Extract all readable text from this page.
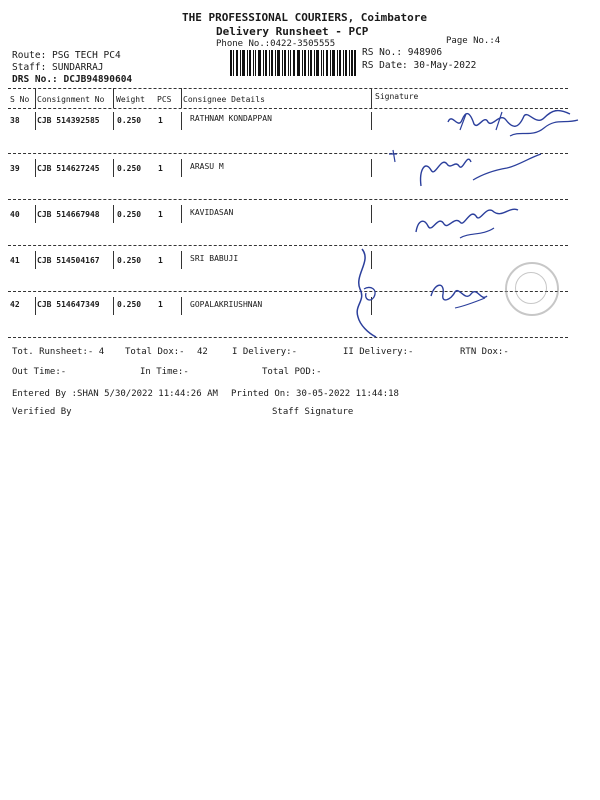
THE PROFESSIONAL COURIERS, Coimbatore
Delivery Runsheet - PCP
Phone No.:0422-3505555	Page No.:4
Route: PSG TECH PC4
Staff: SUNDARRAJ
DRS No.: DCJB94890604
RS No.: 948906
RS Date: 30-May-2022
S No Consignment No Weight PCS Consignee Details	Signature
38 CJB 514392585 0.250 1	RATHNAM KONDAPPAN
39 CJB 514627245 0.250 1	ARASU M
40 CJB 514667948 0.250 1	KAVIDASAN
41 CJB 514504167 0.250 1	SRI BABUJI
42 CJB 514647349 0.250 1	GOPALAKRIUSHNAN
Tot. Runsheet:- 4 Total Dox:- 42	I Delivery:-	II Delivery:-	RTN Dox:-
Out Time:-	In Time:-	Total POD:-
Entered By :SHAN 5/30/2022 11:44:26 AM Printed On: 30-05-2022 11:44:18
Verified By	Staff Signature
